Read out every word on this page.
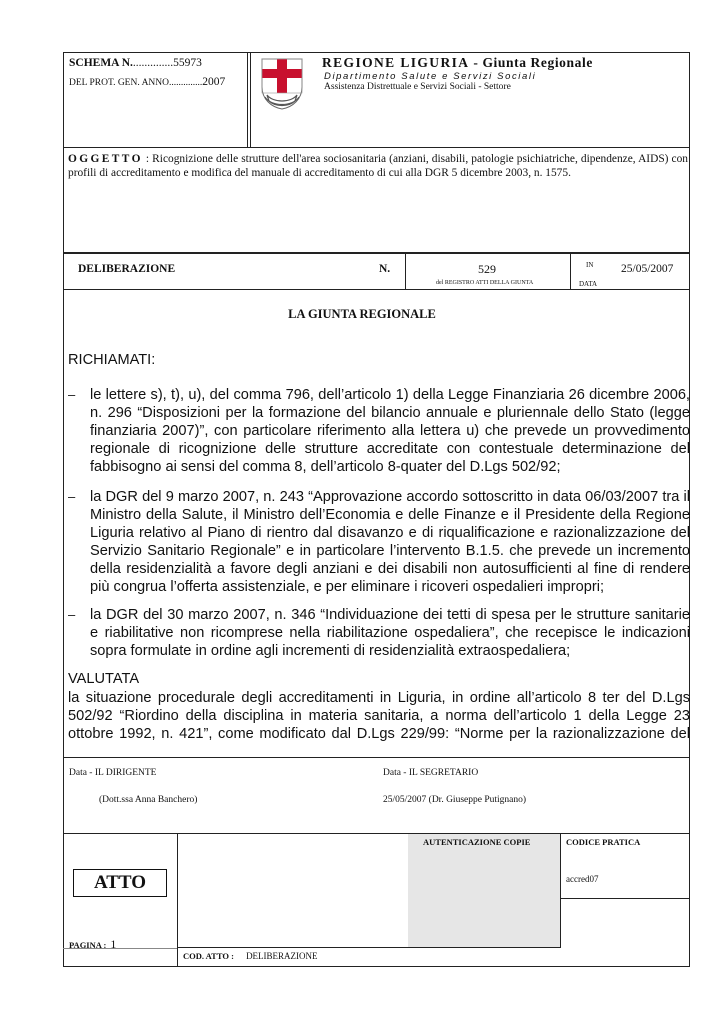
SCHEMA N...............55973
DEL PROT. GEN. ANNO..............2007
REGIONE LIGURIA - Giunta Regionale
Dipartimento Salute e Servizi Sociali
Assistenza Distrettuale e Servizi Sociali - Settore
OGGETTO : Ricognizione delle strutture dell'area sociosanitaria (anziani, disabili, patologie psichiatriche, dipendenze, AIDS) con profili di accreditamento e modifica del manuale di accreditamento di cui alla DGR 5 dicembre 2003, n. 1575.
DELIBERAZIONE	N.	529
del REGISTRO ATTI DELLA GIUNTA
IN
DATA
25/05/2007
LA GIUNTA REGIONALE
RICHIAMATI:
– le lettere s), t), u), del comma 796, dell’articolo 1) della Legge Finanziaria 26 dicembre 2006, n. 296 “Disposizioni per la formazione del bilancio annuale e pluriennale dello Stato (legge finanziaria 2007)”, con particolare riferimento alla lettera u) che prevede un provvedimento regionale di ricognizione delle strutture accreditate con contestuale determinazione del fabbisogno ai sensi del comma 8, dell’articolo 8-quater del D.Lgs 502/92;
– la DGR del 9 marzo 2007, n. 243 “Approvazione accordo sottoscritto in data 06/03/2007 tra il Ministro della Salute, il Ministro dell’Economia e delle Finanze e il Presidente della Regione Liguria relativo al Piano di rientro dal disavanzo e di riqualificazione e razionalizzazione del Servizio Sanitario Regionale” e in particolare l’intervento B.1.5. che prevede un incremento della residenzialità a favore degli anziani e dei disabili non autosufficienti al fine di rendere più congrua l’offerta assistenziale, e per eliminare i ricoveri ospedalieri impropri;
– la DGR del 30 marzo 2007, n. 346 “Individuazione dei tetti di spesa per le strutture sanitarie e riabilitative non ricomprese nella riabilitazione ospedaliera”, che recepisce le indicazioni sopra formulate in ordine agli incrementi di residenzialità extraospedaliera;
VALUTATA
la situazione procedurale degli accreditamenti in Liguria, in ordine all’articolo 8 ter del D.Lgs 502/92 “Riordino della disciplina in materia sanitaria, a norma dell’articolo 1 della Legge 23 ottobre 1992, n. 421”, come modificato dal D.Lgs 229/99: “Norme per la razionalizzazione del
Data - IL DIRIGENTE
(Dott.ssa Anna Banchero)
Data - IL SEGRETARIO
25/05/2007 (Dr. Giuseppe Putignano)
AUTENTICAZIONE COPIE	CODICE PRATICA
accred07
ATTO
PAGINA : 1
COD. ATTO : DELIBERAZIONE
